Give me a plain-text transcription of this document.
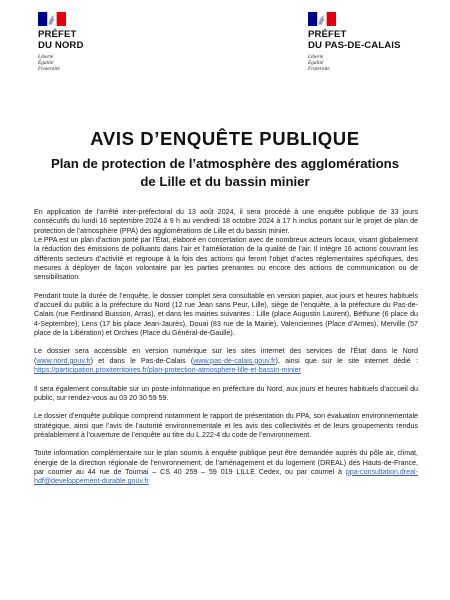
PRÉFET
DU NORD
Liberté
Égalité
Fraternité
PRÉFET
DU PAS-DE-CALAIS
Liberté
Égalité
Fraternité
AVIS D’ENQUÊTE PUBLIQUE

Plan de protection de l’atmosphère des agglomérations
de Lille et du bassin minier

En application de l’arrêté inter-préfectoral du 13 août 2024, il sera procédé à une enquête publique de 33 jours consécutifs du lundi 16 septembre 2024 à 9 h au vendredi 18 octobre 2024 à 17 h inclus portant sur le projet de plan de protection de l’atmosphère (PPA) des agglomérations de Lille et du bassin minier.

Le PPA est un plan d’action porté par l’État, élaboré en concertation avec de nombreux acteurs locaux, visant globalement la réduction des émissions de polluants dans l’air et l’amélioration de la qualité de l’air. Il intègre 16 actions couvrant les différents secteurs d’activité et regroupe à la fois des actions qui feront l’objet d’actes réglementaires spécifiques, des mesures à déployer de façon volontaire par les parties prenantes ou encore des actions de communication ou de sensibilisation.

Pendant toute la durée de l’enquête, le dossier complet sera consultable en version papier, aux jours et heures habituels d’accueil du public à la préfecture du Nord (12 rue Jean sans Peur, Lille), siège de l’enquête, à la préfecture du Pas-de-Calais (rue Ferdinand Buisson, Arras), et dans les mairies suivantes : Lille (place Augustin Laurent), Béthune (6 place du 4-Septembre), Lens (17 bis place Jean-Jaurès), Douai (83 rue de la Mairie), Valenciennes (Place d’Armes), Merville (57 place de la Libération) et Orchies (Place du Général-de-Gaulle).

Le dossier sera accessible en version numérique sur les sites internet des services de l’État dans le Nord (www.nord.gouv.fr) et dans le Pas-de-Calais (www.pas-de-calais.gouv.fr), ainsi que sur le site internet dédié : https://participation.proxiterritoires.fr/plan-protection-atmosphere-lille-et-bassin-minier

Il sera également consultable sur un poste informatique en préfecture du Nord, aux jours et heures habituels d’accueil du public, sur rendez-vous au 03 20 30 59 59.

Le dossier d’enquête publique comprend notamment le rapport de présentation du PPA, son évaluation environnementale stratégique, ainsi que l’avis de l’autorité environnementale et les avis des collectivités et de leurs groupements rendus préalablement à l’ouverture de l’enquête au titre du L.222-4 du code de l’environnement.

Toute information complémentaire sur le plan soumis à enquête publique peut être demandée auprès du pôle air, climat, énergie de la direction régionale de l’environnement, de l’aménagement et du logement (DREAL) des Hauts-de-France, par courrier au 44 rue de Tournai – CS 40 259 – 59 019 LILLE Cedex, ou par courriel à ppa-consultation.dreal-hdf@developpement-durable.gouv.fr
